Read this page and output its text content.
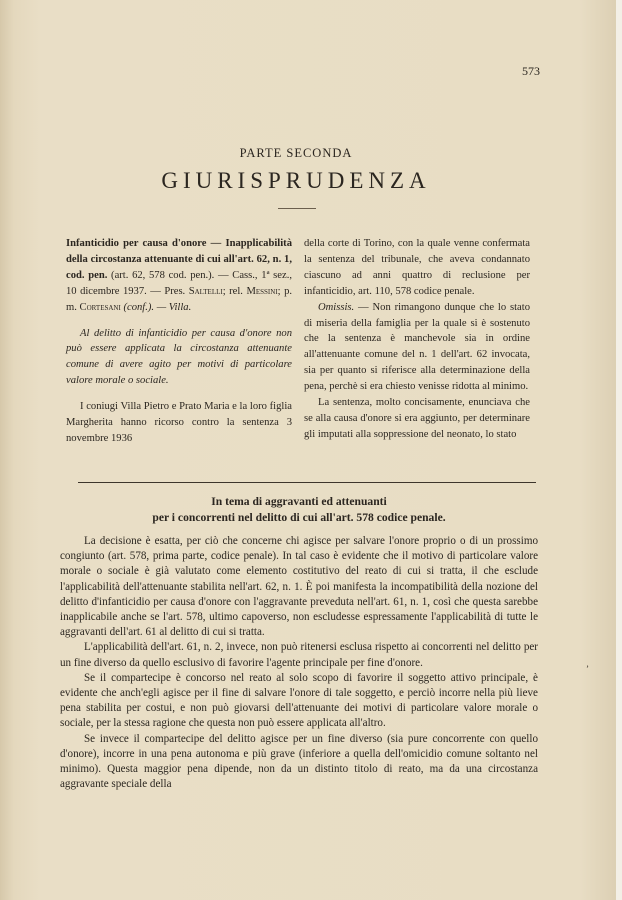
573
PARTE SECONDA
GIURISPRUDENZA

Infanticidio per causa d'onore — Inapplicabilità della circostanza attenuante di cui all'art. 62, n. 1, cod. pen. (art. 62, 578 cod. pen.). — Cass., 1ª sez., 10 dicembre 1937. — Pres. Saltelli; rel. Messini; p. m. Cortesani (conf.). — Villa.

Al delitto di infanticidio per causa d'onore non può essere applicata la circostanza attenuante comune di avere agito per motivi di particolare valore morale o sociale.

I coniugi Villa Pietro e Prato Maria e la loro figlia Margherita hanno ricorso contro la sentenza 3 novembre 1936

della corte di Torino, con la quale venne confermata la sentenza del tribunale, che aveva condannato ciascuno ad anni quattro di reclusione per infanticidio, art. 110, 578 codice penale.

Omissis. — Non rimangono dunque che lo stato di miseria della famiglia per la quale si è sostenuto che la sentenza è manchevole sia in ordine all'attenuante comune del n. 1 dell'art. 62 invocata, sia per quanto si riferisce alla determinazione della pena, perchè si era chiesto venisse ridotta al minimo.

La sentenza, molto concisamente, enunciava che se alla causa d'onore si era aggiunto, per determinare gli imputati alla soppressione del neonato, lo stato

In tema di aggravanti ed attenuanti
per i concorrenti nel delitto di cui all'art. 578 codice penale.

La decisione è esatta, per ciò che concerne chi agisce per salvare l'onore proprio o di un prossimo congiunto (art. 578, prima parte, codice penale). In tal caso è evidente che il motivo di particolare valore morale o sociale è già valutato come elemento costitutivo del reato di cui si tratta, il che esclude l'applicabilità dell'attenuante stabilita nell'art. 62, n. 1. È poi manifesta la incompatibilità della nozione del delitto d'infanticidio per causa d'onore con l'aggravante preveduta nell'art. 61, n. 1, così che questa sarebbe inapplicabile anche se l'art. 578, ultimo capoverso, non escludesse espressamente l'applicabilità di tutte le aggravanti dell'art. 61 al delitto di cui si tratta.

L'applicabilità dell'art. 61, n. 2, invece, non può ritenersi esclusa rispetto ai concorrenti nel delitto per un fine diverso da quello esclusivo di favorire l'agente principale per fine d'onore.

Se il compartecipe è concorso nel reato al solo scopo di favorire il soggetto attivo principale, è evidente che anch'egli agisce per il fine di salvare l'onore di tale soggetto, e perciò incorre nella più lieve pena stabilita per costui, e non può giovarsi dell'attenuante dei motivi di particolare valore morale o sociale, per la stessa ragione che questa non può essere applicata all'altro.

Se invece il compartecipe del delitto agisce per un fine diverso (sia pure concorrente con quello d'onore), incorre in una pena autonoma e più grave (inferiore a quella dell'omicidio comune soltanto nel minimo). Questa maggior pena dipende, non da un distinto titolo di reato, ma da una circostanza aggravante speciale della

’
